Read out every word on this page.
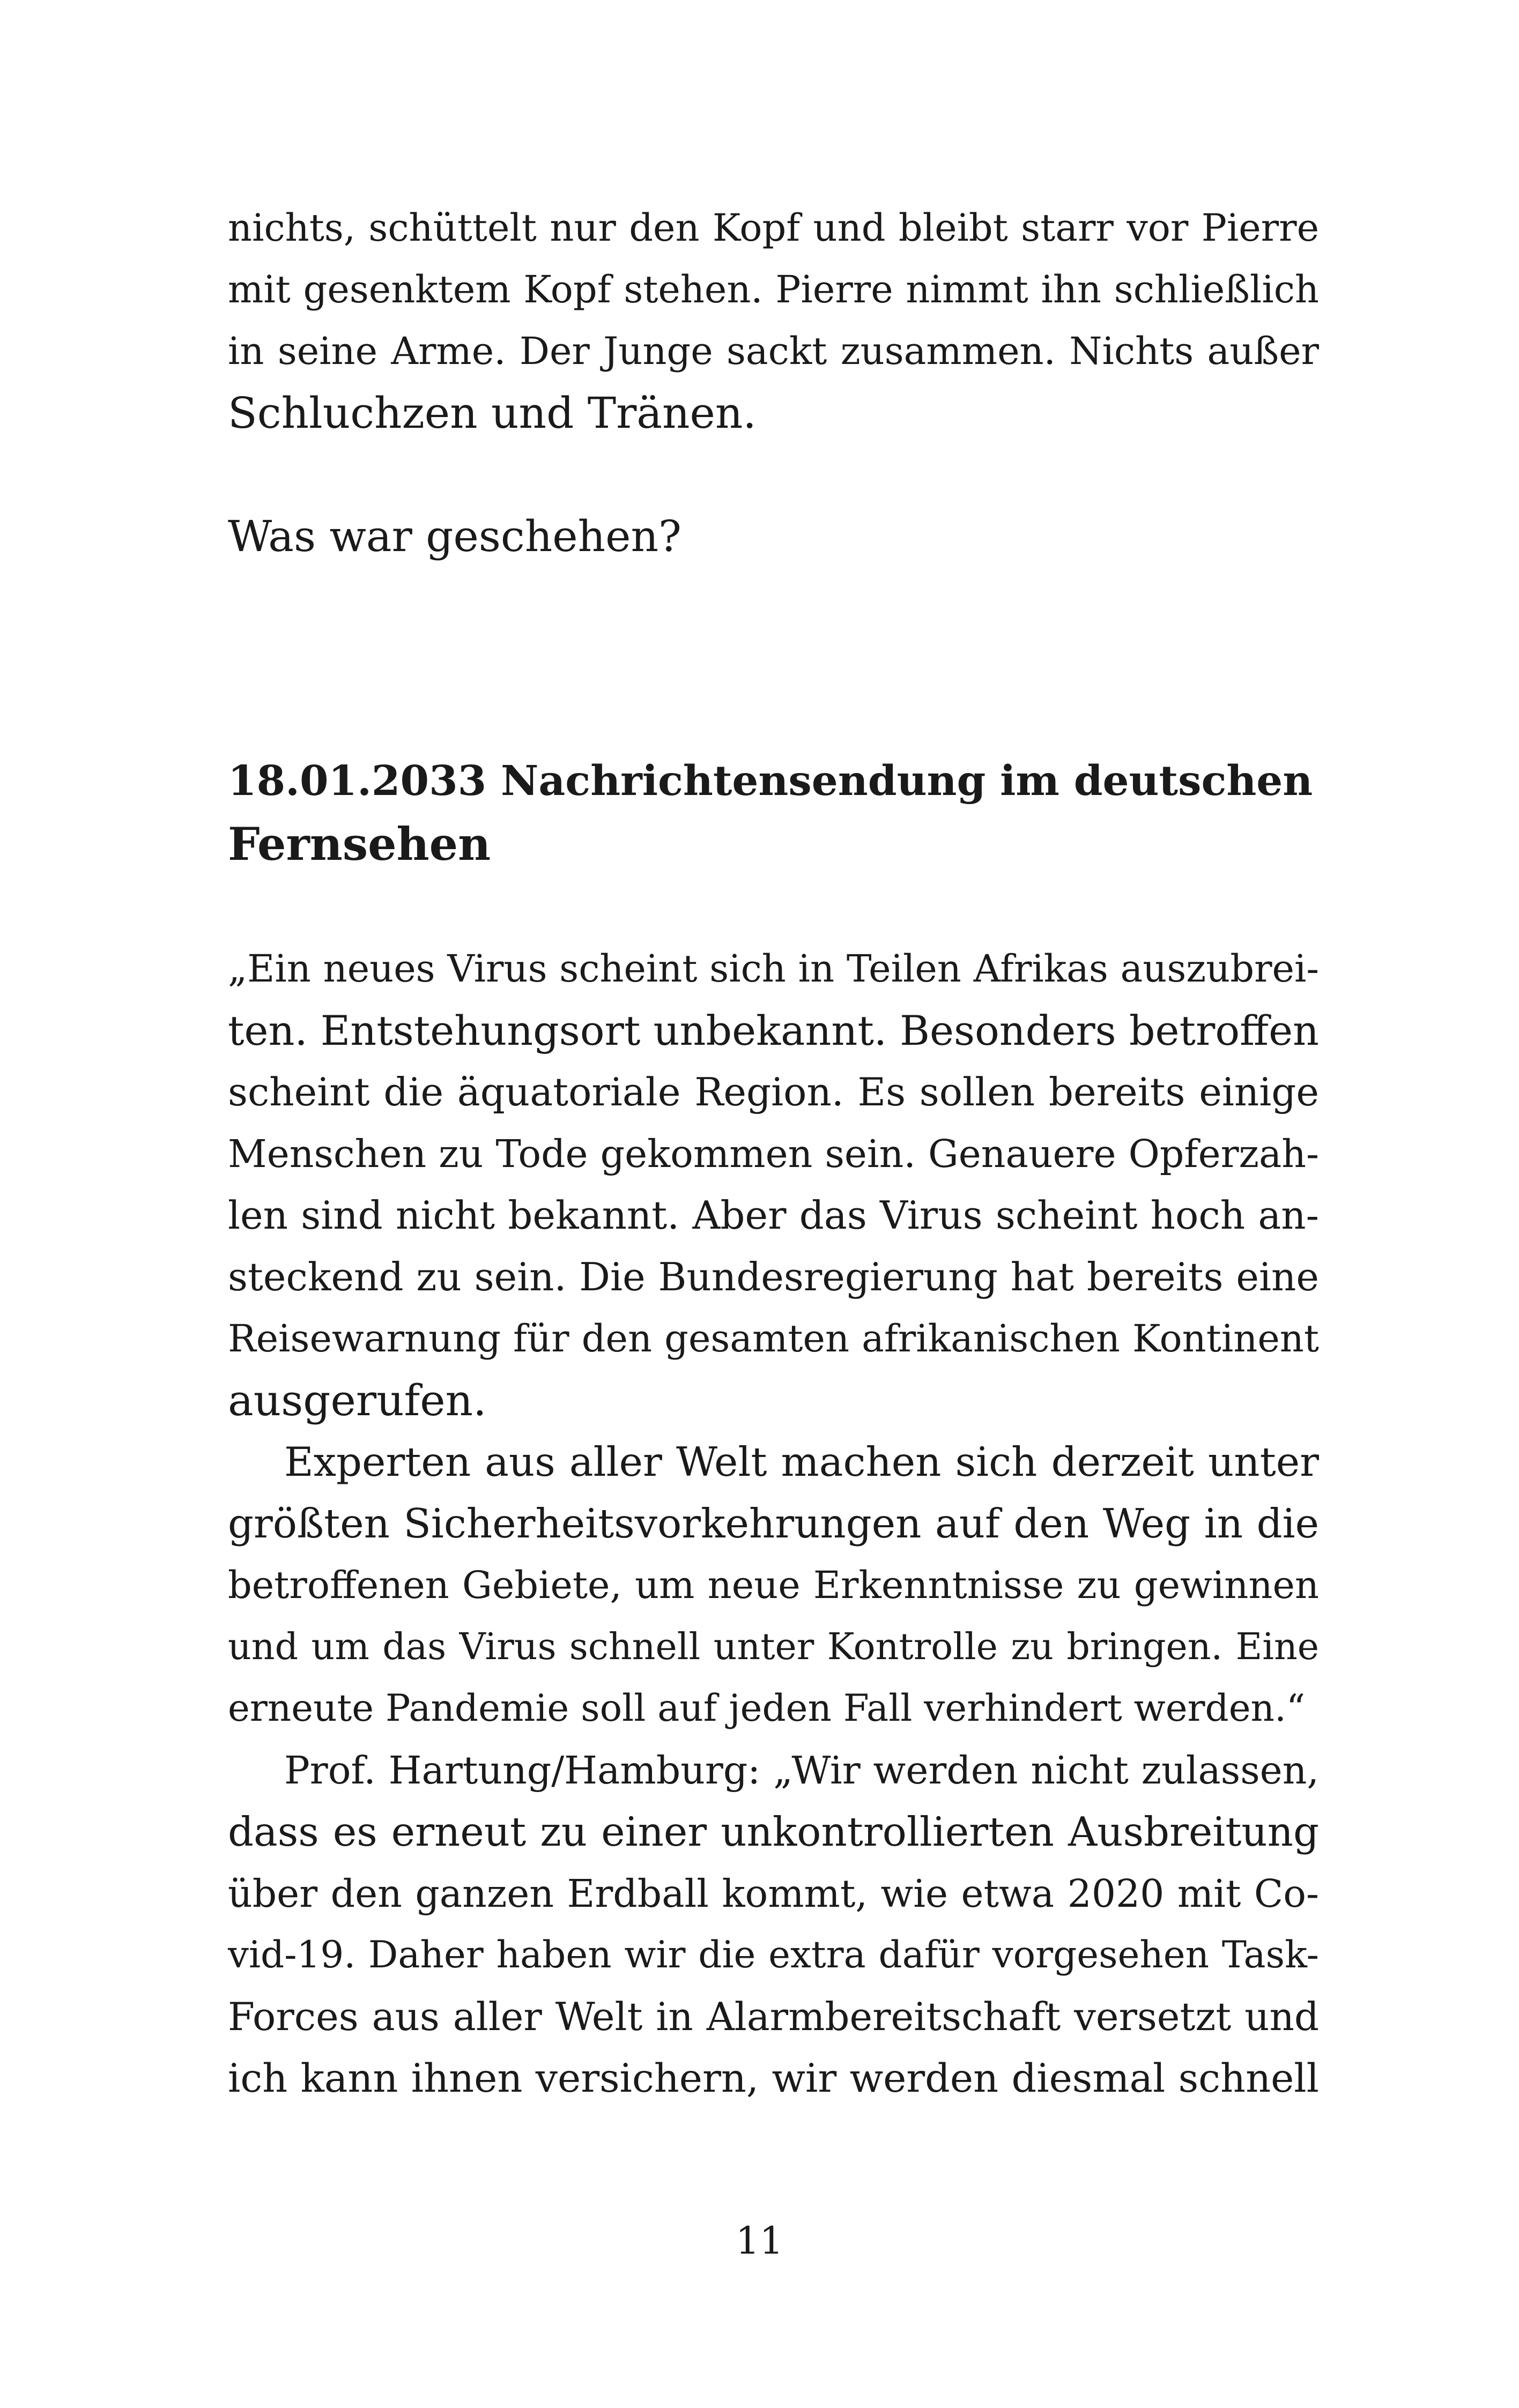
nichts, schüttelt nur den Kopf und bleibt starr vor Pierre
mit gesenktem Kopf stehen. Pierre nimmt ihn schließlich
in seine Arme. Der Junge sackt zusammen. Nichts außer
Schluchzen und Tränen.
Was war geschehen?
18.01.2033 Nachrichtensendung im deutschen
Fernsehen
„Ein neues Virus scheint sich in Teilen Afrikas auszubrei-
ten. Entstehungsort unbekannt. Besonders betroffen
scheint die äquatoriale Region. Es sollen bereits einige
Menschen zu Tode gekommen sein. Genauere Opferzah-
len sind nicht bekannt. Aber das Virus scheint hoch an-
steckend zu sein. Die Bundesregierung hat bereits eine
Reisewarnung für den gesamten afrikanischen Kontinent
ausgerufen.
Experten aus aller Welt machen sich derzeit unter
größten Sicherheitsvorkehrungen auf den Weg in die
betroffenen Gebiete, um neue Erkenntnisse zu gewinnen
und um das Virus schnell unter Kontrolle zu bringen. Eine
erneute Pandemie soll auf jeden Fall verhindert werden.“
Prof. Hartung/Hamburg: „Wir werden nicht zulassen,
dass es erneut zu einer unkontrollierten Ausbreitung
über den ganzen Erdball kommt, wie etwa 2020 mit Co-
vid-19. Daher haben wir die extra dafür vorgesehen Task-
Forces aus aller Welt in Alarmbereitschaft versetzt und
ich kann ihnen versichern, wir werden diesmal schnell
11
